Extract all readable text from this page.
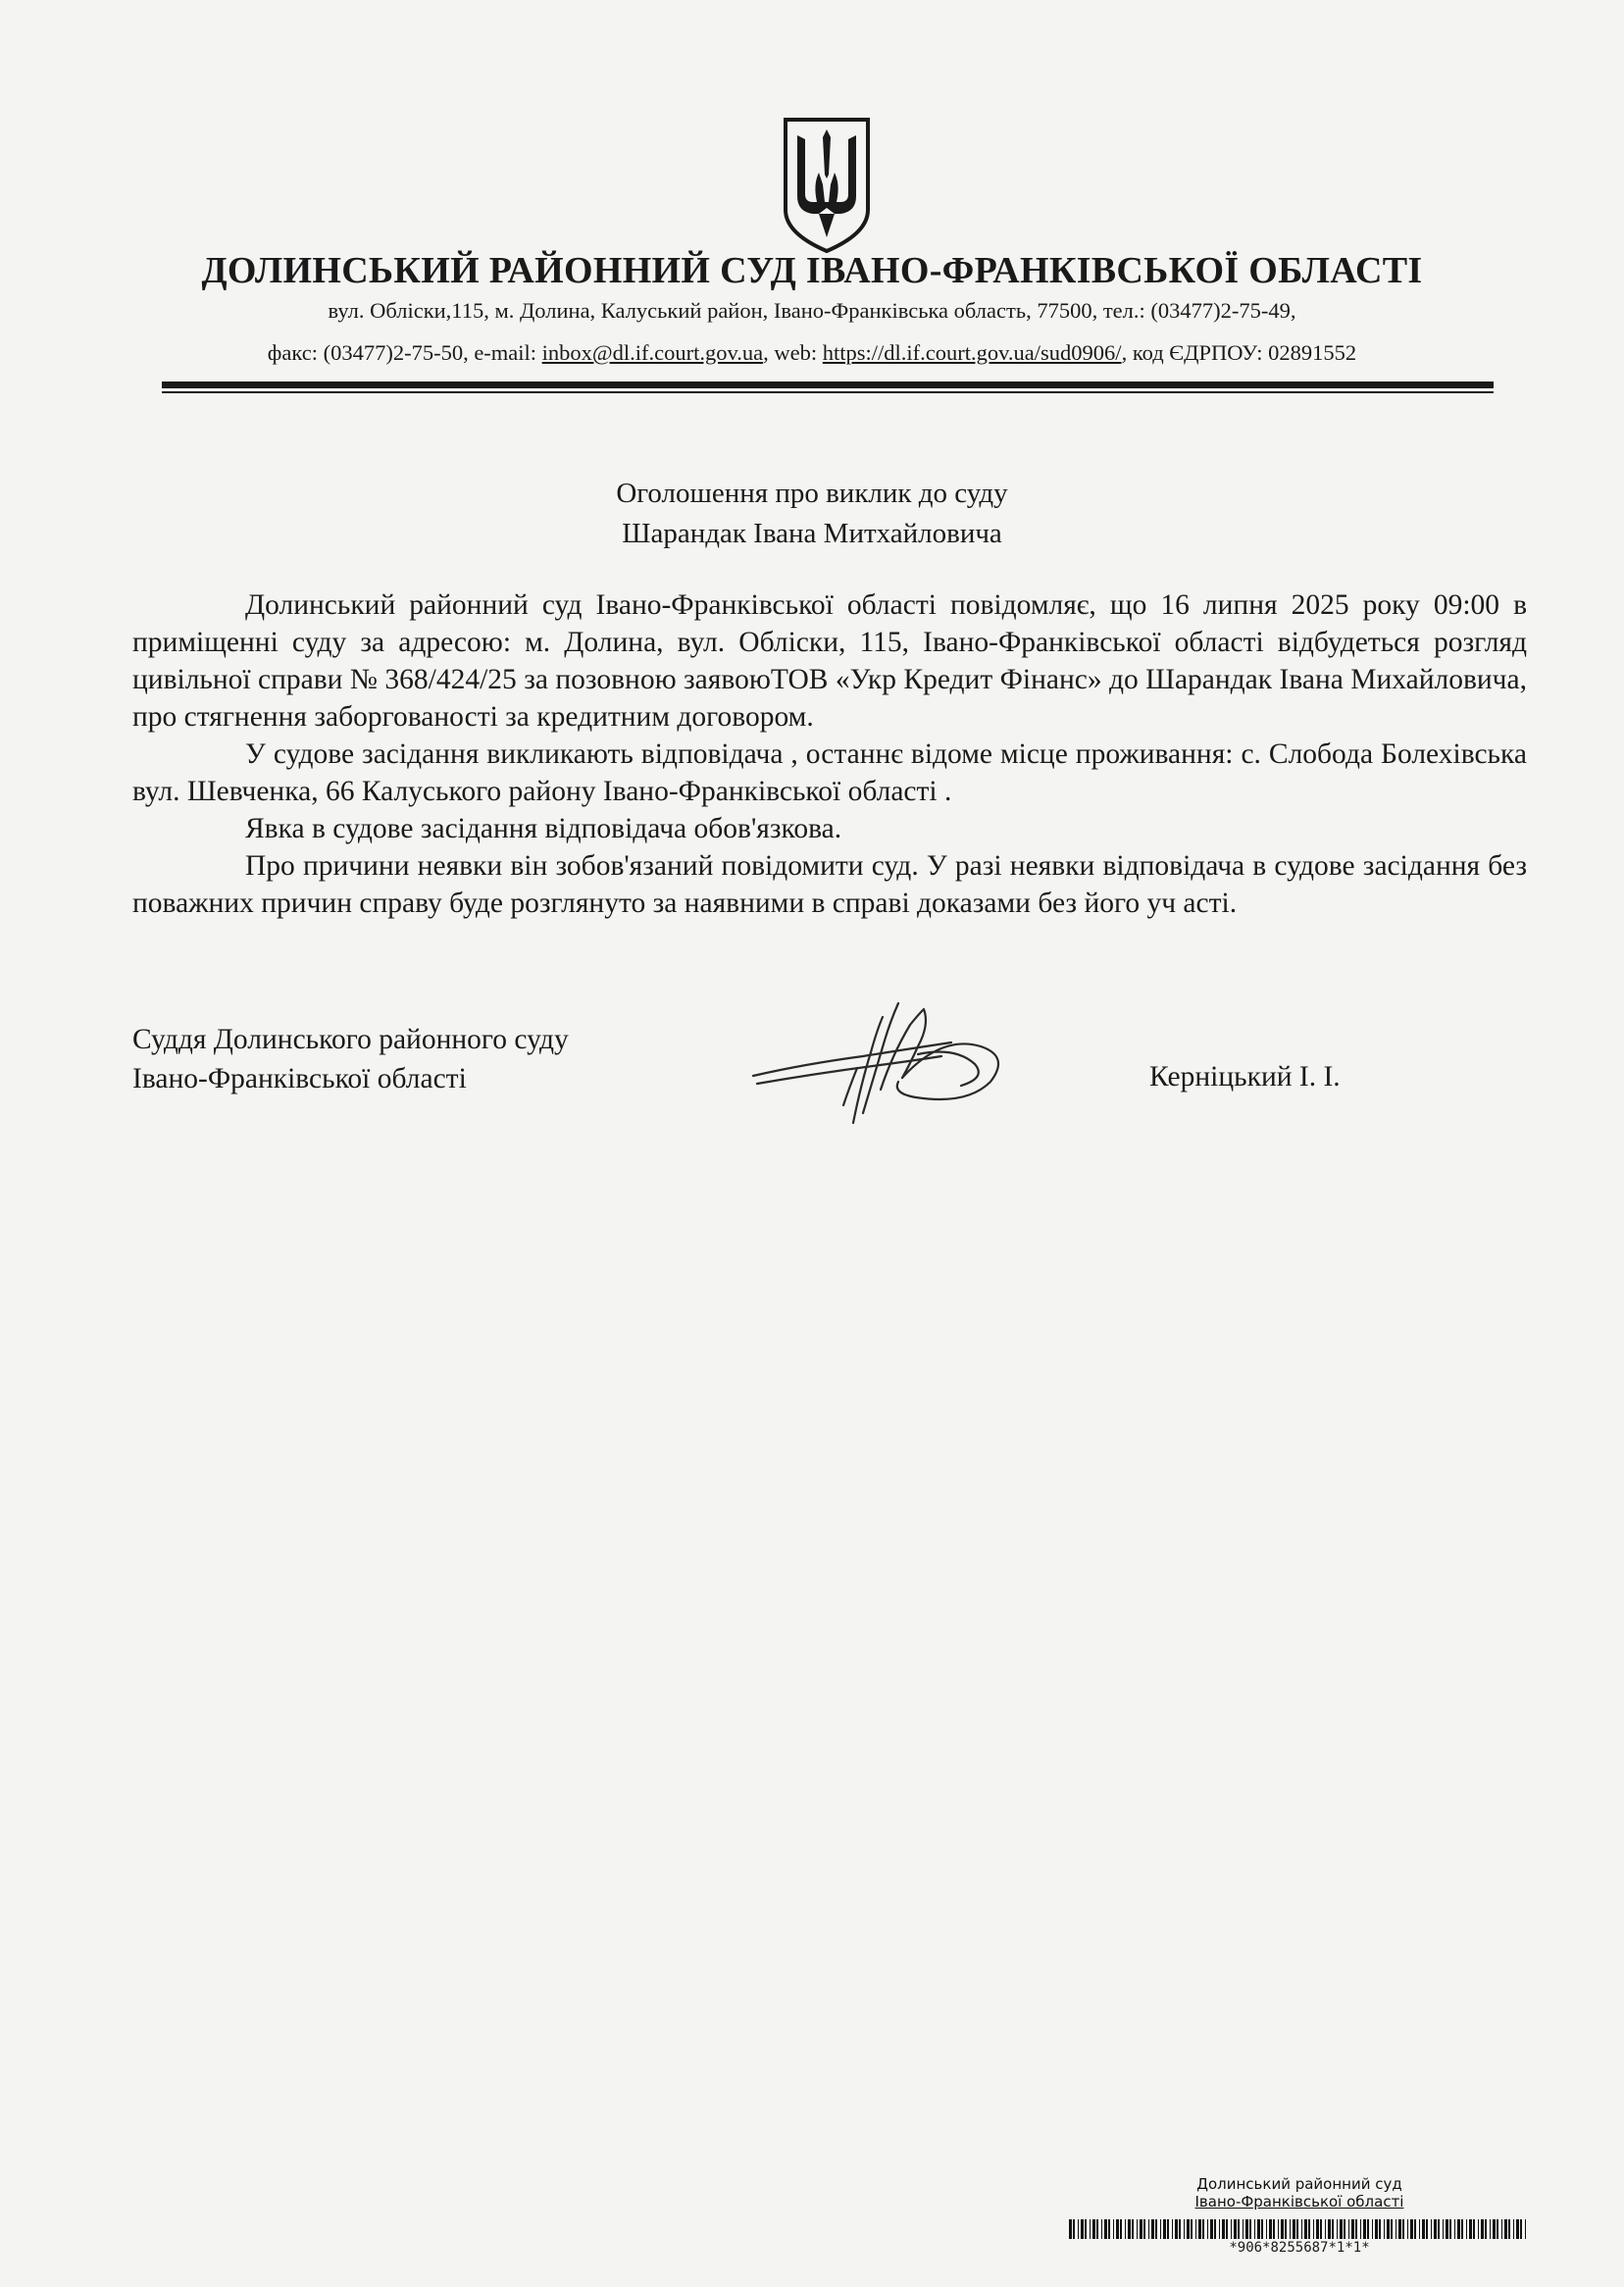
ДОЛИНСЬКИЙ РАЙОННИЙ СУД ІВАНО-ФРАНКІВСЬКОЇ ОБЛАСТІ
вул. Обліски,115, м. Долина, Калуський район, Івано-Франківська область, 77500, тел.: (03477)2-75-49,
факс: (03477)2-75-50, e-mail: inbox@dl.if.court.gov.ua, web: https://dl.if.court.gov.ua/sud0906/, код ЄДРПОУ: 02891552
Оголошення про виклик до суду
Шарандак Івана Митхайловича

Долинський районний суд Івано-Франківської області повідомляє, що 16 липня 2025 року 09:00 в приміщенні суду за адресою: м. Долина, вул. Обліски, 115, Івано-Франківської області відбудеться розгляд цивільної справи № 368/424/25 за позовною заявоюТОВ «Укр Кредит Фінанс» до Шарандак Івана Михайловича, про стягнення заборгованості за кредитним договором.

У судове засідання викликають відповідача , останнє відоме місце проживання: с. Слобода Болехівська вул. Шевченка, 66 Калуського району Івано-Франківської області .

Явка в судове засідання відповідача обов'язкова.

Про причини неявки він зобов'язаний повідомити суд. У разі неявки відповідача в судове засідання без поважних причин справу буде розглянуто за наявними в справі доказами без його уч асті.

Суддя Долинського районного суду
Івано-Франківської області	Керніцький І. І.
Долинський районний суд
Івано-Франківської області
*906*8255687*1*1*
